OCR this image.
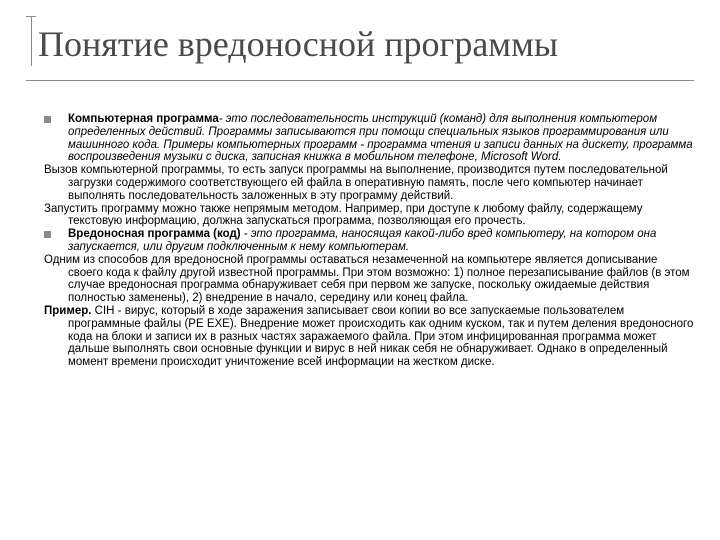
Понятие вредоносной программы

Компьютерная программа- это последовательность инструкций (команд) для выполнения компьютером определенных действий. Программы записываются при помощи специальных языков программирования или машинного кода. Примеры компьютерных программ - программа чтения и записи данных на дискету, программа воспроизведения музыки с диска, записная книжка в мобильном телефоне, Microsoft Word.

Вызов компьютерной программы, то есть запуск программы на выполнение, производится путем последовательной загрузки содержимого соответствующего ей файла в оперативную память, после чего компьютер начинает выполнять последовательность заложенных в эту программу действий.

Запустить программу можно также непрямым методом. Например, при доступе к любому файлу, содержащему текстовую информацию, должна запускаться программа, позволяющая его прочесть.

Вредоносная программа (код) - это программа, наносящая какой-либо вред компьютеру, на котором она запускается, или другим подключенным к нему компьютерам.

Одним из способов для вредоносной программы оставаться незамеченной на компьютере является дописывание своего кода к файлу другой известной программы. При этом возможно: 1) полное перезаписывание файлов (в этом случае вредоносная программа обнаруживает себя при первом же запуске, поскольку ожидаемые действия полностью заменены), 2) внедрение в начало, середину или конец файла.

Пример. CIH - вирус, который в ходе заражения записывает свои копии во все запускаемые пользователем программные файлы (PE EXE). Внедрение может происходить как одним куском, так и путем деления вредоносного кода на блоки и записи их в разных частях заражаемого файла. При этом инфицированная программа может дальше выполнять свои основные функции и вирус в ней никак себя не обнаруживает. Однако в определенный момент времени происходит уничтожение всей информации на жестком диске.
